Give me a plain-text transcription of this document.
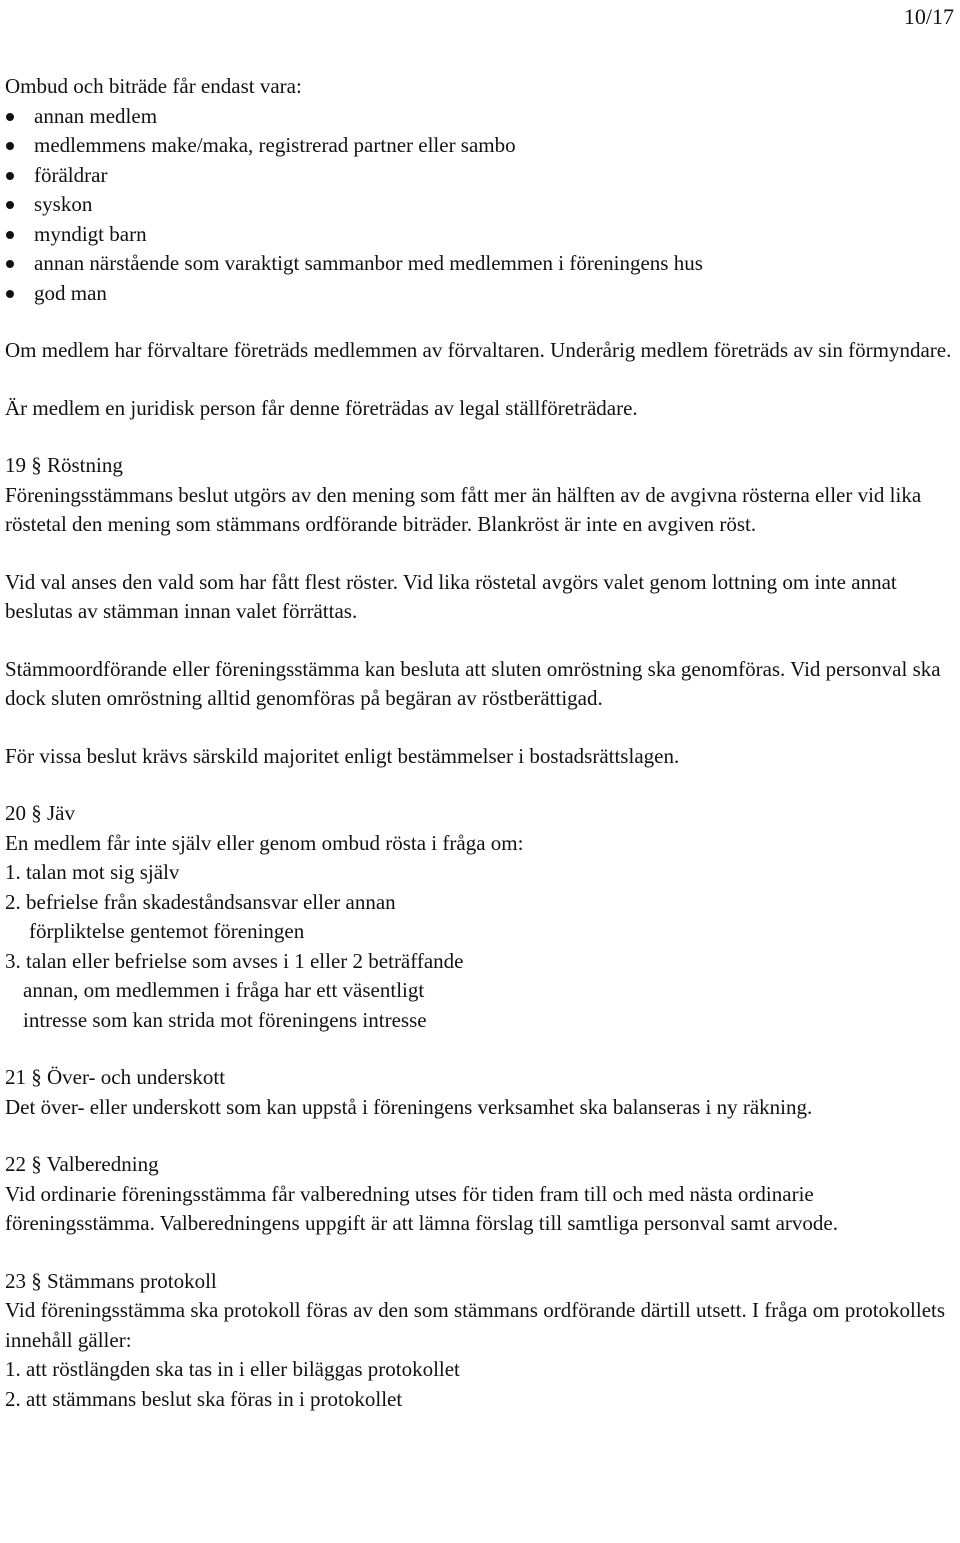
10/17

Ombud och biträde får endast vara:

annan medlem
medlemmens make/maka, registrerad partner eller sambo
föräldrar
syskon
myndigt barn
annan närstående som varaktigt sammanbor med medlemmen i föreningens hus
god man

Om medlem har förvaltare företräds medlemmen av förvaltaren. Underårig medlem företräds av sin förmyndare.

Är medlem en juridisk person får denne företrädas av legal ställföreträdare.

19 § Röstning

Föreningsstämmans beslut utgörs av den mening som fått mer än hälften av de avgivna rösterna eller vid lika röstetal den mening som stämmans ordförande biträder. Blankröst är inte en avgiven röst.

Vid val anses den vald som har fått flest röster. Vid lika röstetal avgörs valet genom lottning om inte annat beslutas av stämman innan valet förrättas.

Stämmoordförande eller föreningsstämma kan besluta att sluten omröstning ska genomföras. Vid personval ska dock sluten omröstning alltid genomföras på begäran av röstberättigad.

För vissa beslut krävs särskild majoritet enligt bestämmelser i bostadsrättslagen.

20 § Jäv

En medlem får inte själv eller genom ombud rösta i fråga om:

1. talan mot sig själv

2. befrielse från skadeståndsansvar eller annan

förpliktelse gentemot föreningen

3. talan eller befrielse som avses i 1 eller 2 beträffande

annan, om medlemmen i fråga har ett väsentligt

intresse som kan strida mot föreningens intresse

21 § Över- och underskott

Det över- eller underskott som kan uppstå i föreningens verksamhet ska balanseras i ny räkning.

22 § Valberedning

Vid ordinarie föreningsstämma får valberedning utses för tiden fram till och med nästa ordinarie föreningsstämma. Valberedningens uppgift är att lämna förslag till samtliga personval samt arvode.

23 § Stämmans protokoll

Vid föreningsstämma ska protokoll föras av den som stämmans ordförande därtill utsett. I fråga om protokollets innehåll gäller:

1. att röstlängden ska tas in i eller biläggas protokollet

2. att stämmans beslut ska föras in i protokollet
